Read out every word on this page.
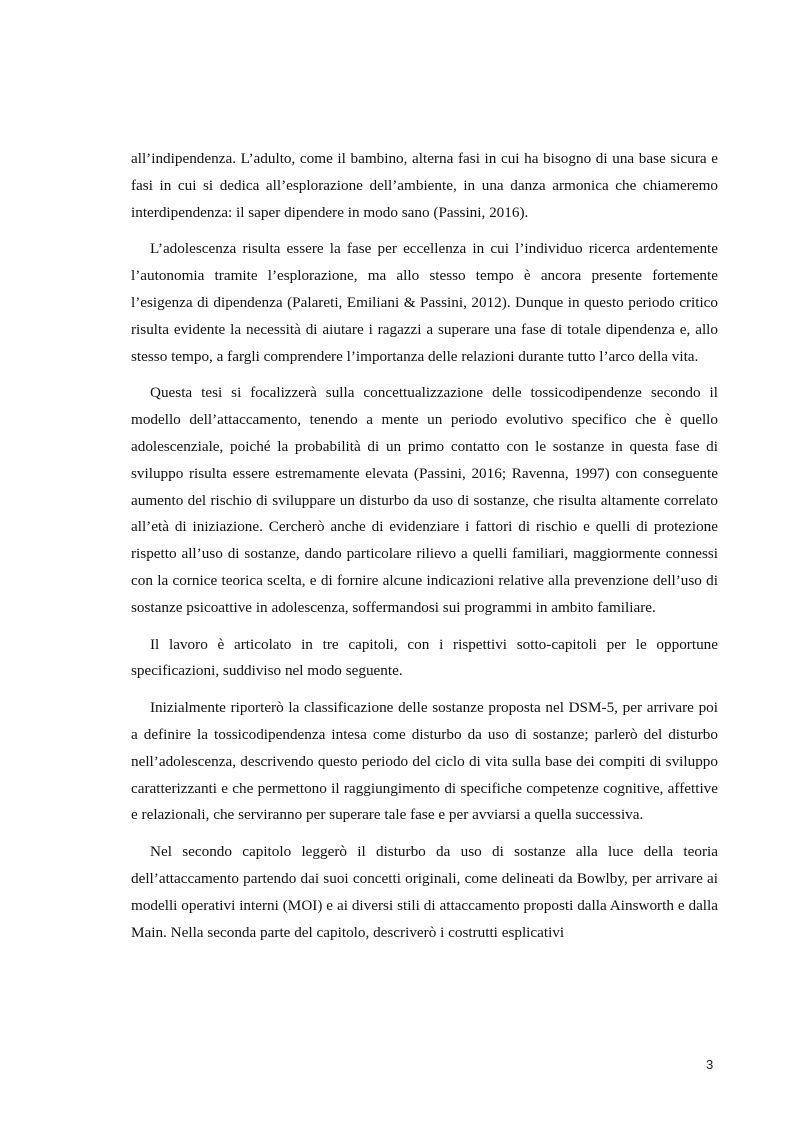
all’indipendenza. L’adulto, come il bambino, alterna fasi in cui ha bisogno di una base sicura e fasi in cui si dedica all’esplorazione dell’ambiente, in una danza armonica che chiameremo interdipendenza: il saper dipendere in modo sano (Passini, 2016).

L’adolescenza risulta essere la fase per eccellenza in cui l’individuo ricerca ardentemente l’autonomia tramite l’esplorazione, ma allo stesso tempo è ancora presente fortemente l’esigenza di dipendenza (Palareti, Emiliani & Passini, 2012). Dunque in questo periodo critico risulta evidente la necessità di aiutare i ragazzi a superare una fase di totale dipendenza e, allo stesso tempo, a fargli comprendere l’importanza delle relazioni durante tutto l’arco della vita.

Questa tesi si focalizzerà sulla concettualizzazione delle tossicodipendenze secondo il modello dell’attaccamento, tenendo a mente un periodo evolutivo specifico che è quello adolescenziale, poiché la probabilità di un primo contatto con le sostanze in questa fase di sviluppo risulta essere estremamente elevata (Passini, 2016; Ravenna, 1997) con conseguente aumento del rischio di sviluppare un disturbo da uso di sostanze, che risulta altamente correlato all’età di iniziazione. Cercherò anche di evidenziare i fattori di rischio e quelli di protezione rispetto all’uso di sostanze, dando particolare rilievo a quelli familiari, maggiormente connessi con la cornice teorica scelta, e di fornire alcune indicazioni relative alla prevenzione dell’uso di sostanze psicoattive in adolescenza, soffermandosi sui programmi in ambito familiare.

Il lavoro è articolato in tre capitoli, con i rispettivi sotto-capitoli per le opportune specificazioni, suddiviso nel modo seguente.

Inizialmente riporterò la classificazione delle sostanze proposta nel DSM-5, per arrivare poi a definire la tossicodipendenza intesa come disturbo da uso di sostanze; parlerò del disturbo nell’adolescenza, descrivendo questo periodo del ciclo di vita sulla base dei compiti di sviluppo caratterizzanti e che permettono il raggiungimento di specifiche competenze cognitive, affettive e relazionali, che serviranno per superare tale fase e per avviarsi a quella successiva.

Nel secondo capitolo leggerò il disturbo da uso di sostanze alla luce della teoria dell’attaccamento partendo dai suoi concetti originali, come delineati da Bowlby, per arrivare ai modelli operativi interni (MOI) e ai diversi stili di attaccamento proposti dalla Ainsworth e dalla Main. Nella seconda parte del capitolo, descriverò i costrutti esplicativi

3
